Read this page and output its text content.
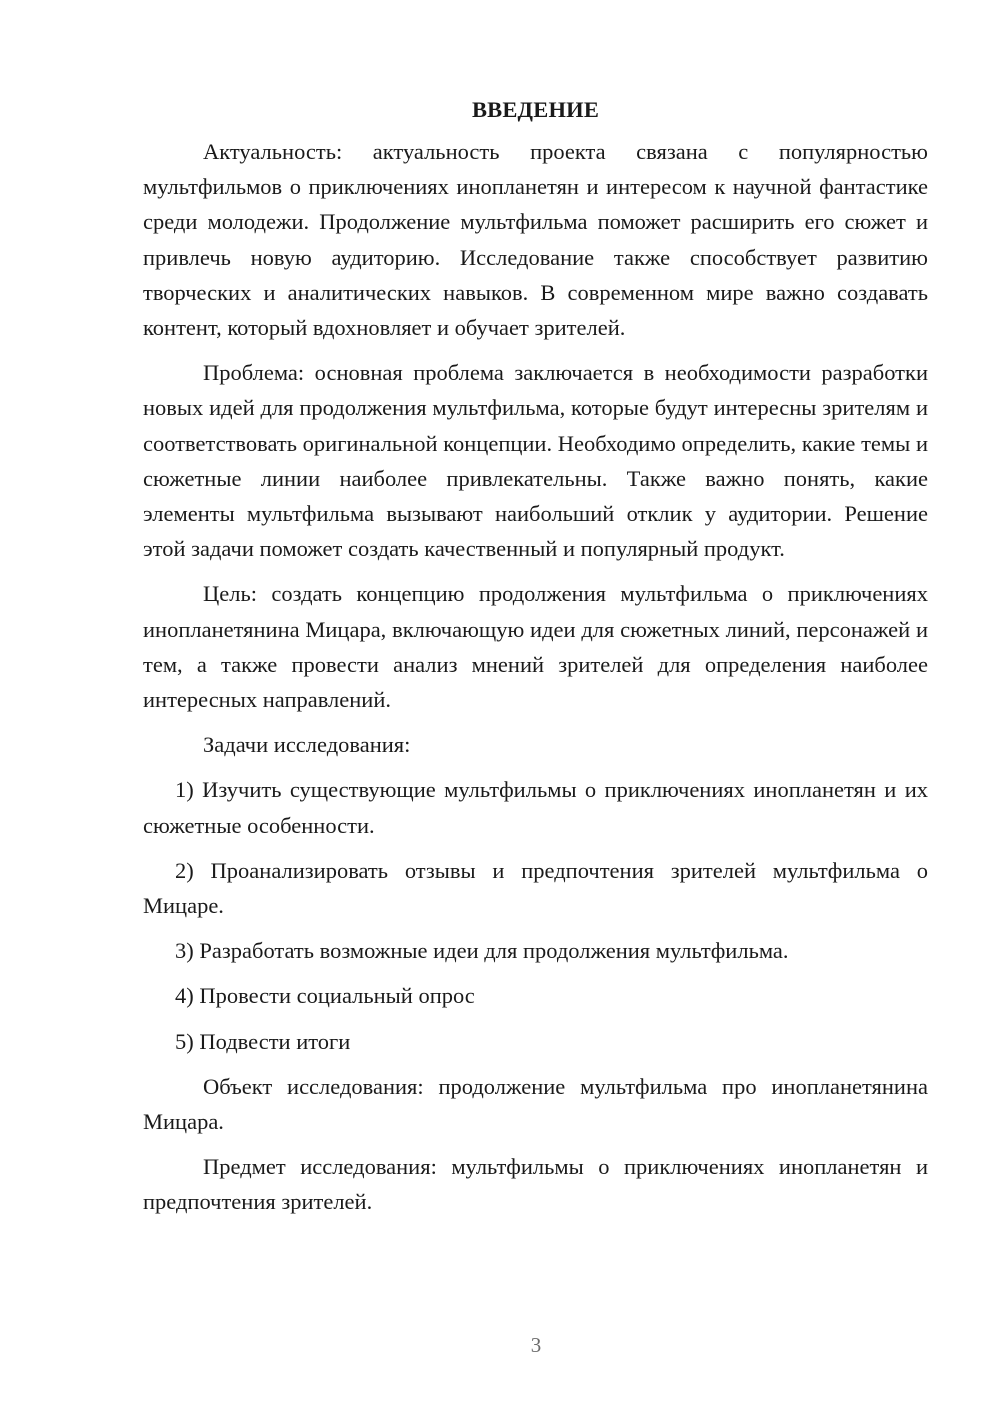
ВВЕДЕНИЕ

Актуальность: актуальность проекта связана с популярностью мультфильмов о приключениях инопланетян и интересом к научной фантастике среди молодежи. Продолжение мультфильма поможет расширить его сюжет и привлечь новую аудиторию. Исследование также способствует развитию творческих и аналитических навыков. В современном мире важно создавать контент, который вдохновляет и обучает зрителей.

Проблема: основная проблема заключается в необходимости разработки новых идей для продолжения мультфильма, которые будут интересны зрителям и соответствовать оригинальной концепции. Необходимо определить, какие темы и сюжетные линии наиболее привлекательны. Также важно понять, какие элементы мультфильма вызывают наибольший отклик у аудитории. Решение этой задачи поможет создать качественный и популярный продукт.

Цель: создать концепцию продолжения мультфильма о приключениях инопланетянина Мицара, включающую идеи для сюжетных линий, персонажей и тем, а также провести анализ мнений зрителей для определения наиболее интересных направлений.

Задачи исследования:

1) Изучить существующие мультфильмы о приключениях инопланетян и их сюжетные особенности.

2) Проанализировать отзывы и предпочтения зрителей мультфильма о Мицаре.

3) Разработать возможные идеи для продолжения мультфильма.

4) Провести социальный опрос

5) Подвести итоги

Объект исследования: продолжение мультфильма про инопланетянина Мицара.

Предмет исследования: мультфильмы о приключениях инопланетян и предпочтения зрителей.

3
